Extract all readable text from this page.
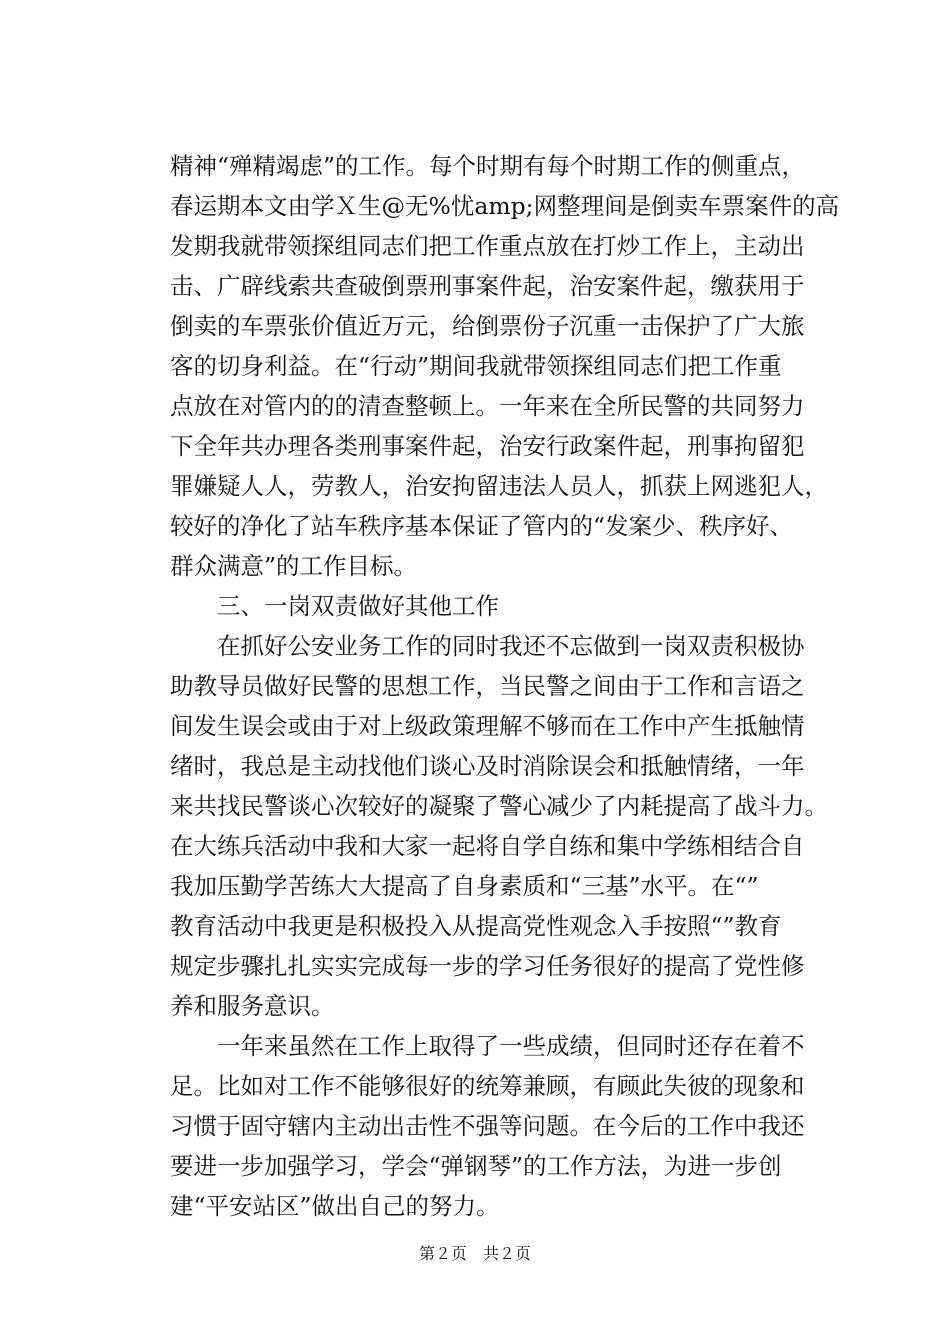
精神“殚精竭虑”的工作。每个时期有每个时期工作的侧重点，
春运期本文由学Ｘ生@无%忧amp;网整理间是倒卖车票案件的高
发期我就带领探组同志们把工作重点放在打炒工作上，主动出
击、广辟线索共查破倒票刑事案件起，治安案件起，缴获用于
倒卖的车票张价值近万元，给倒票份子沉重一击保护了广大旅
客的切身利益。在“行动”期间我就带领探组同志们把工作重
点放在对管内的的清查整顿上。一年来在全所民警的共同努力
下全年共办理各类刑事案件起，治安行政案件起，刑事拘留犯
罪嫌疑人人，劳教人，治安拘留违法人员人，抓获上网逃犯人，
较好的净化了站车秩序基本保证了管内的“发案少、秩序好、
群众满意”的工作目标。
　　三、一岗双责做好其他工作
　　在抓好公安业务工作的同时我还不忘做到一岗双责积极协
助教导员做好民警的思想工作，当民警之间由于工作和言语之
间发生误会或由于对上级政策理解不够而在工作中产生抵触情
绪时，我总是主动找他们谈心及时消除误会和抵触情绪，一年
来共找民警谈心次较好的凝聚了警心减少了内耗提高了战斗力。
在大练兵活动中我和大家一起将自学自练和集中学练相结合自
我加压勤学苦练大大提高了自身素质和“三基”水平。在“”
教育活动中我更是积极投入从提高党性观念入手按照“”教育
规定步骤扎扎实实完成每一步的学习任务很好的提高了党性修
养和服务意识。
　　一年来虽然在工作上取得了一些成绩，但同时还存在着不
足。比如对工作不能够很好的统筹兼顾，有顾此失彼的现象和
习惯于固守辖内主动出击性不强等问题。在今后的工作中我还
要进一步加强学习，学会“弹钢琴”的工作方法，为进一步创
建“平安站区”做出自己的努力。
第２页　共２页
